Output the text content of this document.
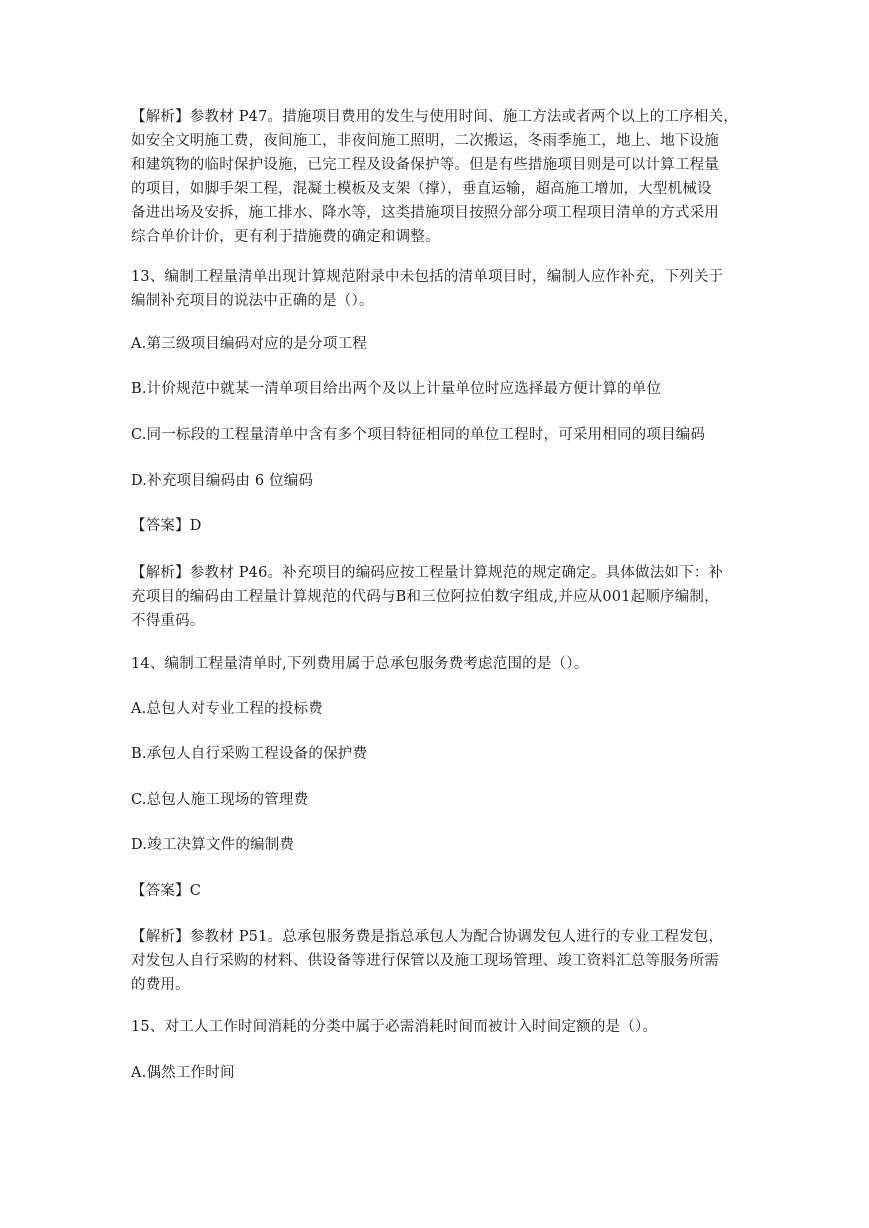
【解析】参教材 P47。措施项目费用的发生与使用时间、施工方法或者两个以上的工序相关，
如安全文明施工费，夜间施工，非夜间施工照明，二次搬运，冬雨季施工，地上、地下设施
和建筑物的临时保护设施，已完工程及设备保护等。但是有些措施项目则是可以计算工程量
的项目，如脚手架工程，混凝土模板及支架（撑），垂直运输，超高施工增加，大型机械设
备进出场及安拆，施工排水、降水等，这类措施项目按照分部分项工程项目清单的方式采用
综合单价计价，更有利于措施费的确定和调整。
13、编制工程量清单出现计算规范附录中未包括的清单项目时，编制人应作补充，下列关于
编制补充项目的说法中正确的是（）。
A.第三级项目编码对应的是分项工程
B.计价规范中就某一清单项目给出两个及以上计量单位时应选择最方便计算的单位
C.同一标段的工程量清单中含有多个项目特征相同的单位工程时，可采用相同的项目编码
D.补充项目编码由 6 位编码
【答案】D
【解析】参教材 P46。补充项目的编码应按工程量计算规范的规定确定。具体做法如下：补
充项目的编码由工程量计算规范的代码与B和三位阿拉伯数字组成,并应从001起顺序编制，
不得重码。
14、编制工程量清单时,下列费用属于总承包服务费考虑范围的是（）。
A.总包人对专业工程的投标费
B.承包人自行采购工程设备的保护费
C.总包人施工现场的管理费
D.竣工决算文件的编制费
【答案】C
【解析】参教材 P51。总承包服务费是指总承包人为配合协调发包人进行的专业工程发包，
对发包人自行采购的材料、供设备等进行保管以及施工现场管理、竣工资料汇总等服务所需
的费用。
15、对工人工作时间消耗的分类中属于必需消耗时间而被计入时间定额的是（）。
A.偶然工作时间
